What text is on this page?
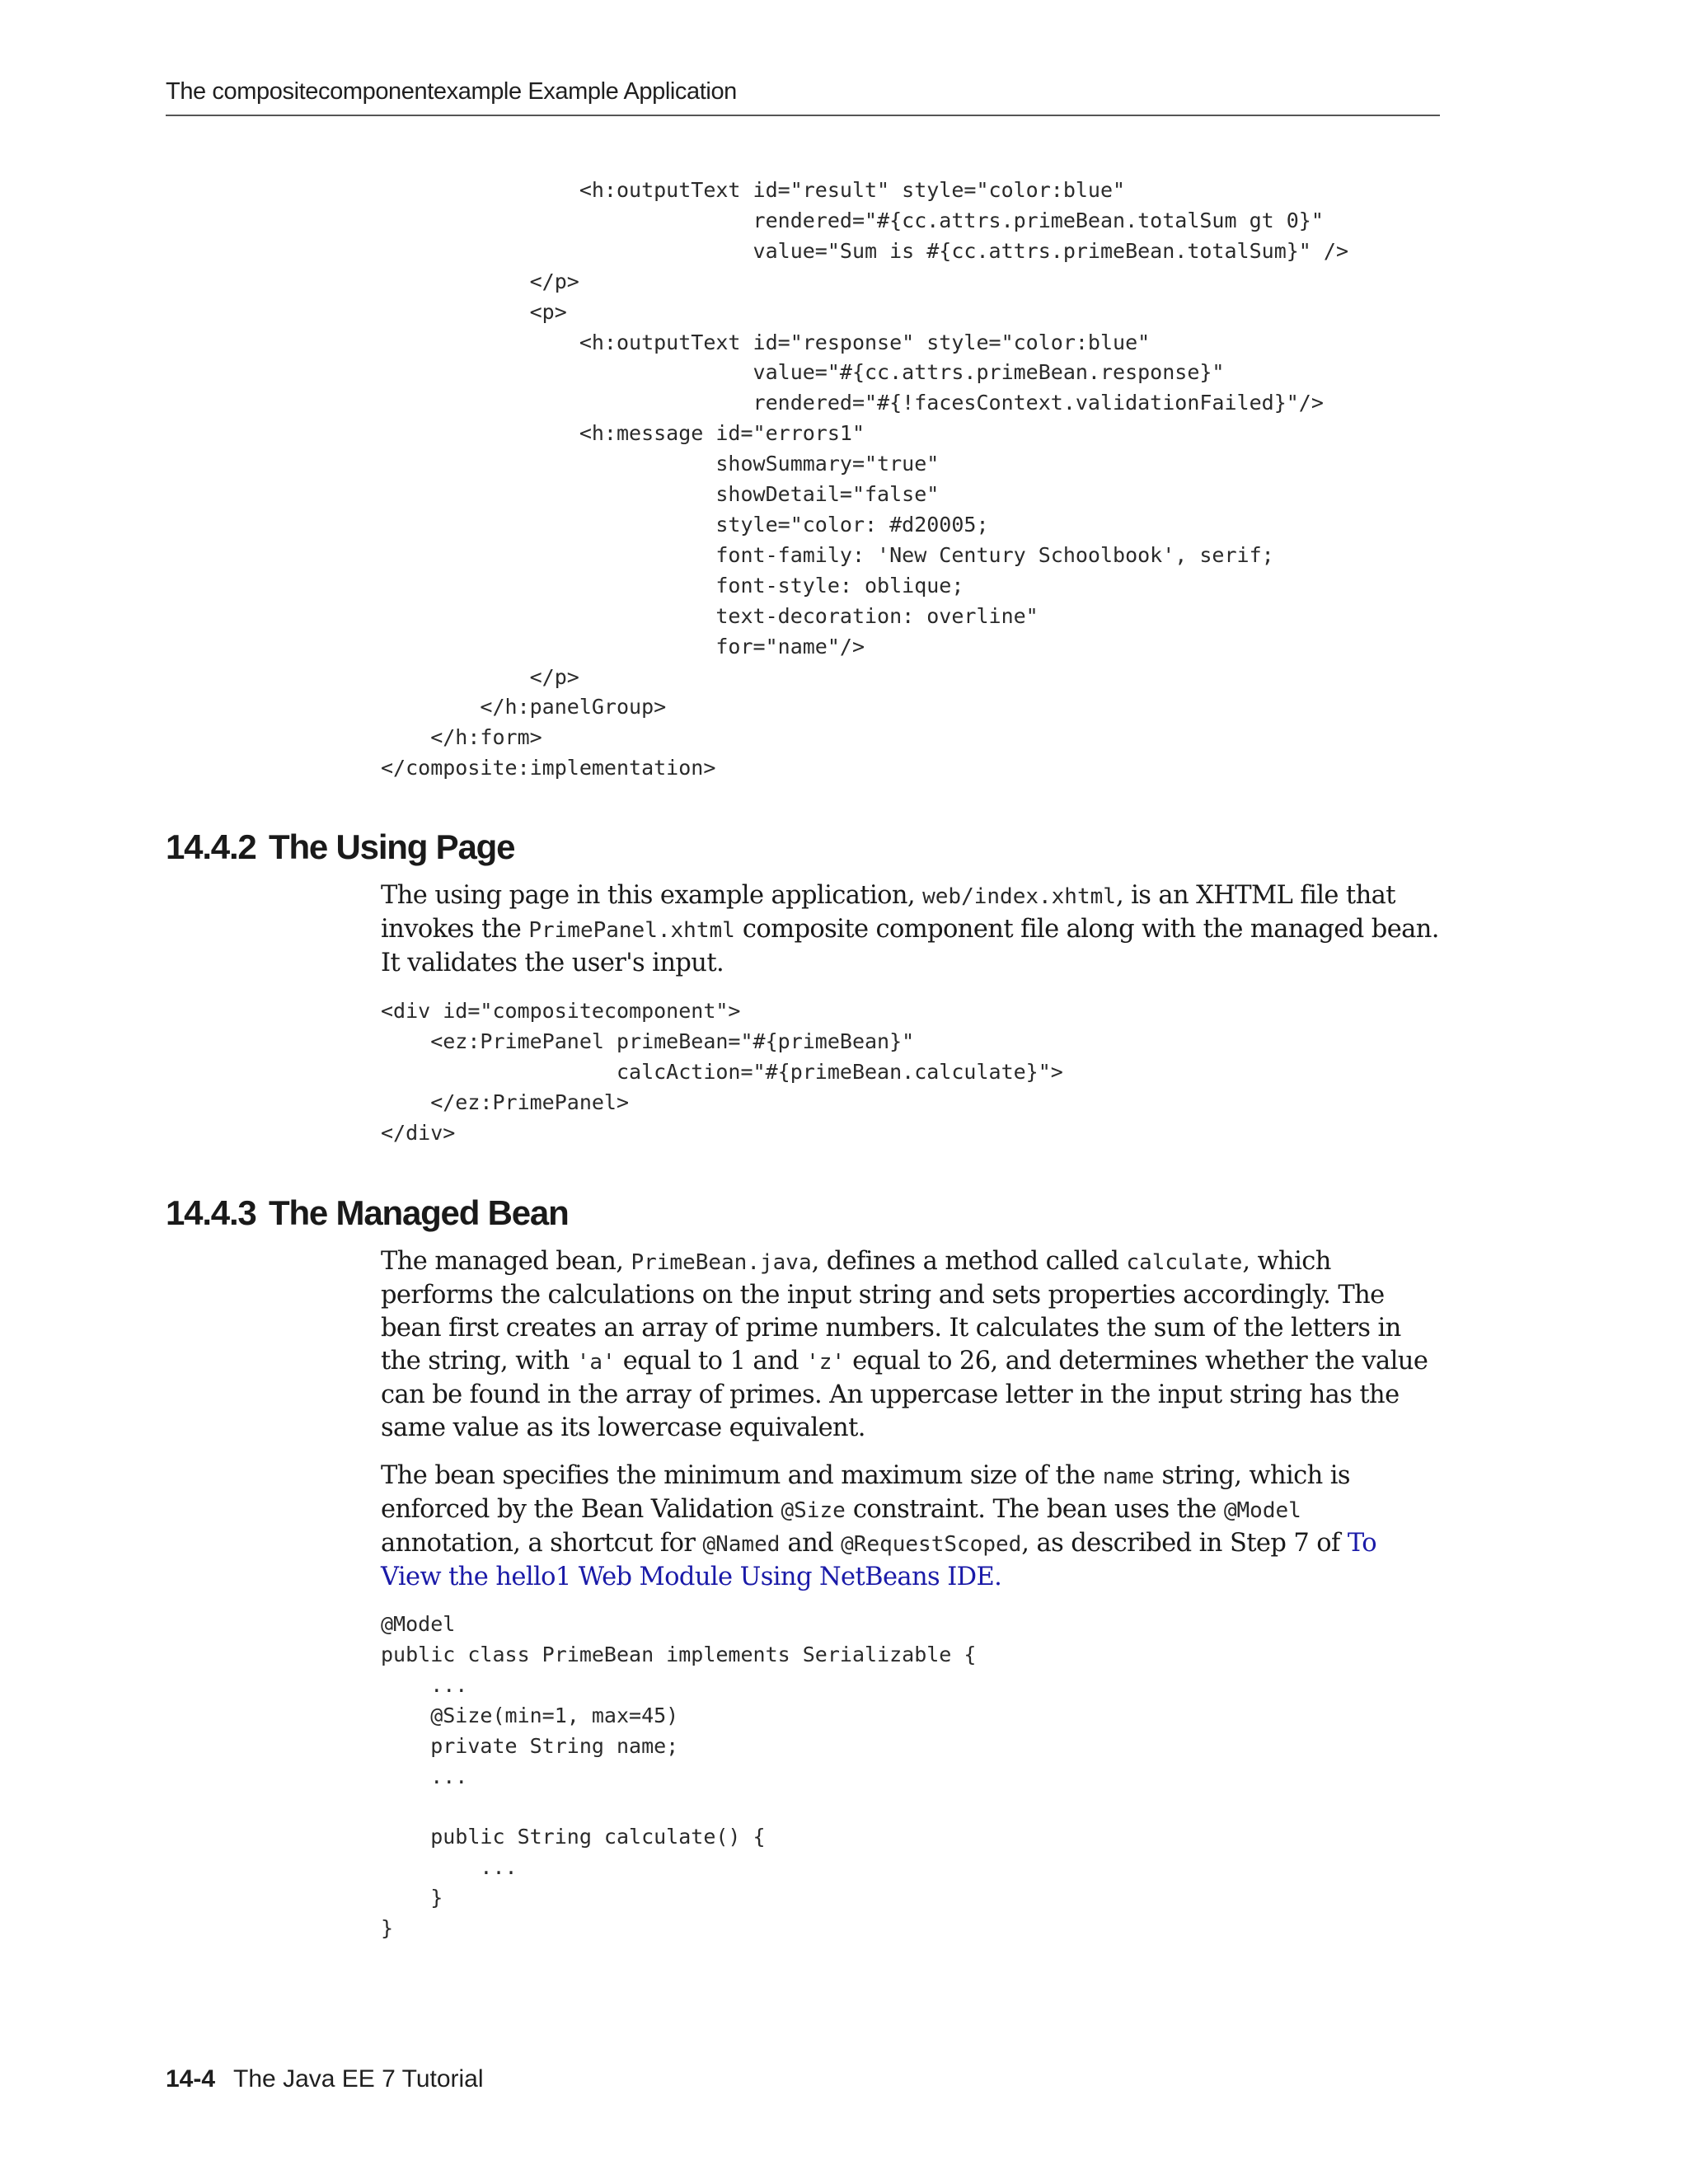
The compositecomponentexample Example Application
<h:outputText id="result" style="color:blue"
rendered="#{cc.attrs.primeBean.totalSum gt 0}"
value="Sum is #{cc.attrs.primeBean.totalSum}" />
</p>
<p>
<h:outputText id="response" style="color:blue"
value="#{cc.attrs.primeBean.response}"
rendered="#{!facesContext.validationFailed}"/>
<h:message id="errors1"
showSummary="true"
showDetail="false"
style="color: #d20005;
font-family: 'New Century Schoolbook', serif;
font-style: oblique;
text-decoration: overline"
for="name"/>
</p>
</h:panelGroup>
</h:form>
</composite:implementation>
14.4.2 The Using Page

The using page in this example application, web/index.xhtml, is an XHTML file that invokes the PrimePanel.xhtml composite component file along with the managed bean. It validates the user's input.

<div id="compositecomponent">
<ez:PrimePanel primeBean="#{primeBean}"
calcAction="#{primeBean.calculate}">
</ez:PrimePanel>
</div>
14.4.3 The Managed Bean

The managed bean, PrimeBean.java, defines a method called calculate, which performs the calculations on the input string and sets properties accordingly. The bean first creates an array of prime numbers. It calculates the sum of the letters in the string, with 'a' equal to 1 and 'z' equal to 26, and determines whether the value can be found in the array of primes. An uppercase letter in the input string has the same value as its lowercase equivalent.

The bean specifies the minimum and maximum size of the name string, which is enforced by the Bean Validation @Size constraint. The bean uses the @Model annotation, a shortcut for @Named and @RequestScoped, as described in Step 7 of To View the hello1 Web Module Using NetBeans IDE.

@Model
public class PrimeBean implements Serializable {
...
@Size(min=1, max=45)
private String name;
...

public String calculate() {
...
}
}
14-4 The Java EE 7 Tutorial
